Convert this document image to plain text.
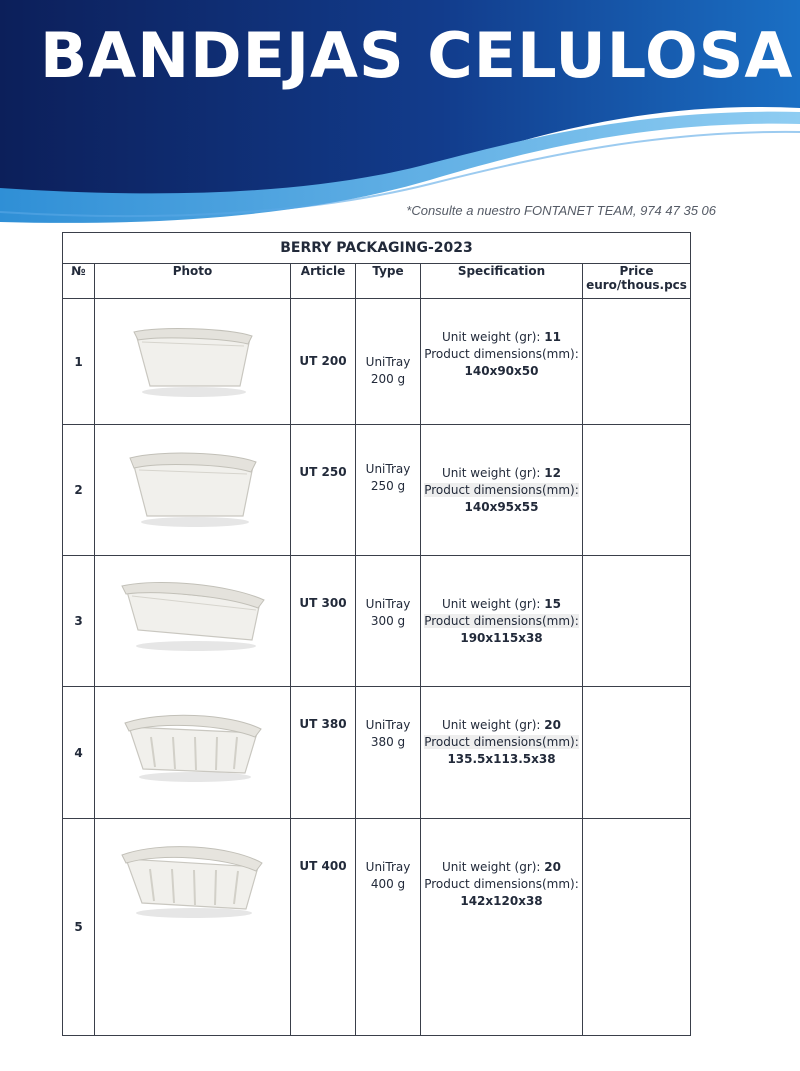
BANDEJAS CELULOSA
*Consulte a nuestro FONTANET TEAM, 974 47 35 06
BERRY PACKAGING-2023					
№	Photo	Article	Type	Specification	Price
euro/thous.pcs
1		UT 200	UniTray
200 g	Unit weight (gr): 11
Product dimensions(mm):
140x90x50	
2		UT 250	UniTray
250 g	Unit weight (gr): 12
Product dimensions(mm):
140x95x55	
3		UT 300	UniTray
300 g	Unit weight (gr): 15
Product dimensions(mm):
190x115x38	
4		UT 380	UniTray
380 g	Unit weight (gr): 20
Product dimensions(mm):
135.5x113.5x38	
5		UT 400	UniTray
400 g	Unit weight (gr): 20
Product dimensions(mm):
142x120x38	
